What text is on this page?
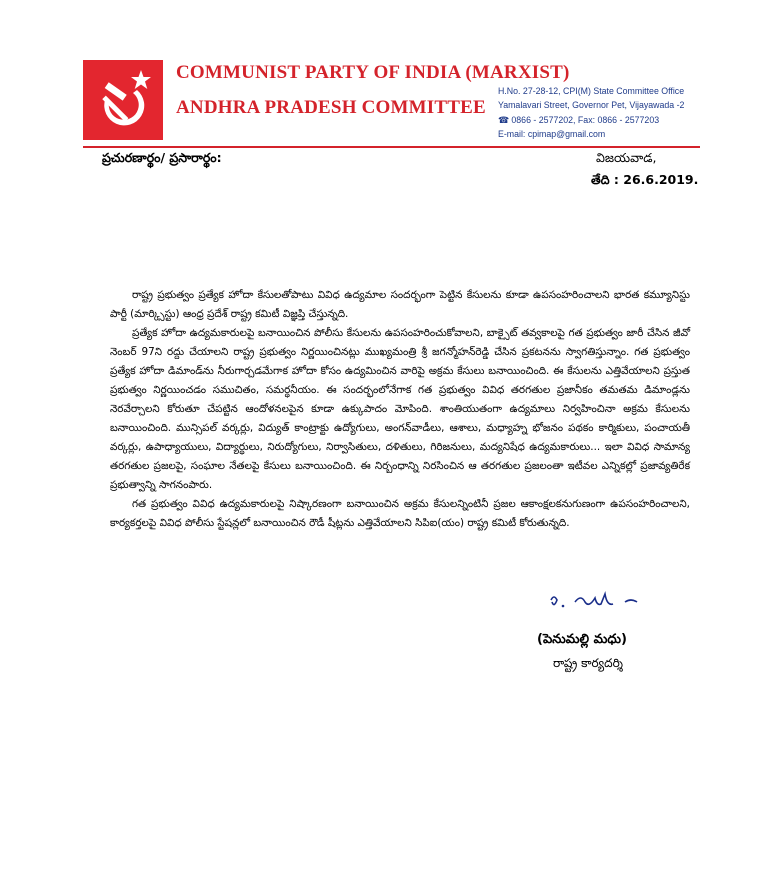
COMMUNIST PARTY OF INDIA (MARXIST)
ANDHRA PRADESH COMMITTEE
H.No. 27-28-12, CPI(M) State Committee Office
Yamalavari Street, Governor Pet, Vijayawada -2
☎ 0866 - 2577202, Fax: 0866 - 2577203
E-mail: cpimap@gmail.com
ప్రచురణార్థం/ ప్రసారార్థం:	విజయవాడ,
తేది : 26.6.2019.

రాష్ట్ర ప్రభుత్వం ప్రత్యేక హోదా కేసులతోపాటు వివిధ ఉద్యమాల సందర్భంగా పెట్టిన కేసులను కూడా ఉపసంహరించాలని భారత కమ్యూనిస్టు పార్టీ (మార్క్సిస్టు) ఆంధ్ర ప్రదేశ్ రాష్ట్ర కమిటీ విజ్ఞప్తి చేస్తున్నది.

ప్రత్యేక హోదా ఉద్యమకారులపై బనాయించిన పోలీసు కేసులను ఉపసంహరించుకోవాలని, బాక్సైట్ తవ్వకాలపై గత ప్రభుత్వం జారీ చేసిన జీవో నెంబర్ 97ని రద్దు చేయాలని రాష్ట్ర ప్రభుత్వం నిర్ణయించినట్లు ముఖ్యమంత్రి శ్రీ జగన్మోహన్‌రెడ్డి చేసిన ప్రకటనను స్వాగతిస్తున్నాం. గత ప్రభుత్వం ప్రత్యేక హోదా డిమాండ్‌ను నీరుగార్చడమేగాక హోదా కోసం ఉద్యమించిన వారిపై అక్రమ కేసులు బనాయించింది. ఈ కేసులను ఎత్తివేయాలని ప్రస్తుత ప్రభుత్వం నిర్ణయించడం సముచితం, సమర్థనీయం. ఈ సందర్భంలోనేగాక గత ప్రభుత్వం వివిధ తరగతుల ప్రజానీకం తమతమ డిమాండ్లను నెరవేర్చాలని కోరుతూ చేపట్టిన ఆందోళనలపైన కూడా ఉక్కుపాదం మోపింది. శాంతియుతంగా ఉద్యమాలు నిర్వహించినా అక్రమ కేసులను బనాయించింది. మున్సిపల్ వర్కర్లు, విద్యుత్ కాంట్రాక్టు ఉద్యోగులు, అంగన్‌వాడీలు, ఆశాలు, మధ్యాహ్న భోజనం పథకం కార్మికులు, పంచాయతీ వర్కర్లు, ఉపాధ్యాయులు, విద్యార్థులు, నిరుద్యోగులు, నిర్వాసితులు, దళితులు, గిరిజనులు, మద్యనిషేధ ఉద్యమకారులు... ఇలా వివిధ సామాన్య తరగతుల ప్రజలపై, సంఘాల నేతలపై కేసులు బనాయించింది. ఈ నిర్బంధాన్ని నిరసించిన ఆ తరగతుల ప్రజలంతా ఇటీవల ఎన్నికల్లో ప్రజావ్యతిరేక ప్రభుత్వాన్ని సాగనంపారు.

గత ప్రభుత్వం వివిధ ఉద్యమకారులపై నిష్కారణంగా బనాయించిన అక్రమ కేసులన్నింటినీ ప్రజల ఆకాంక్షలకనుగుణంగా ఉపసంహరించాలని, కార్యకర్తలపై వివిధ పోలీసు స్టేషన్లలో బనాయించిన రౌడీ షీట్లను ఎత్తివేయాలని సిపిఐ(యం) రాష్ట్ర కమిటీ కోరుతున్నది.

(పెనుమల్లి మధు)
రాష్ట్ర కార్యదర్శి
